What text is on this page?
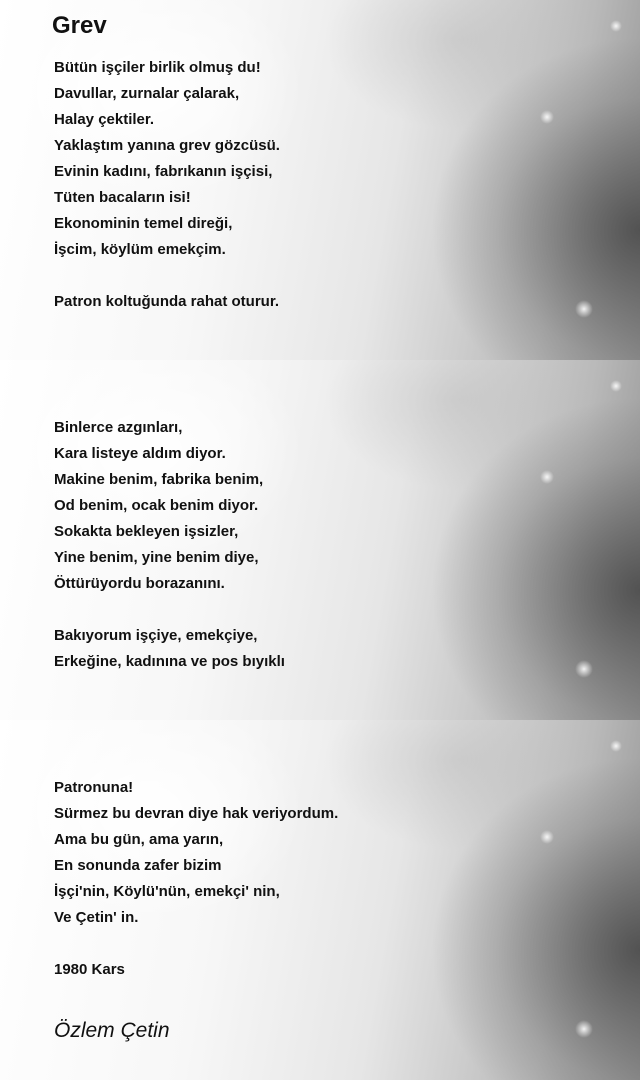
Grev
Bütün işçiler birlik olmuş du!
Davullar, zurnalar çalarak,
Halay çektiler.
Yaklaştım yanına grev gözcüsü.
Evinin kadını, fabrıkanın işçisi,
Tüten bacaların isi!
Ekonominin temel direği,
İşcim, köylüm emekçim.
Patron koltuğunda rahat oturur.
Binlerce azgınları,
Kara listeye aldım diyor.
Makine benim, fabrika benim,
Od benim, ocak benim diyor.
Sokakta bekleyen işsizler,
Yine benim, yine benim diye,
Öttürüyordu borazanını.
Bakıyorum işçiye, emekçiye,
Erkeğine, kadınına ve pos bıyıklı
Patronuna!
Sürmez bu devran diye hak veriyordum.
Ama bu gün, ama yarın,
En sonunda zafer bizim
İşçi'nin, Köylü'nün, emekçi' nin,
Ve Çetin' in.
1980 Kars
Özlem Çetin
